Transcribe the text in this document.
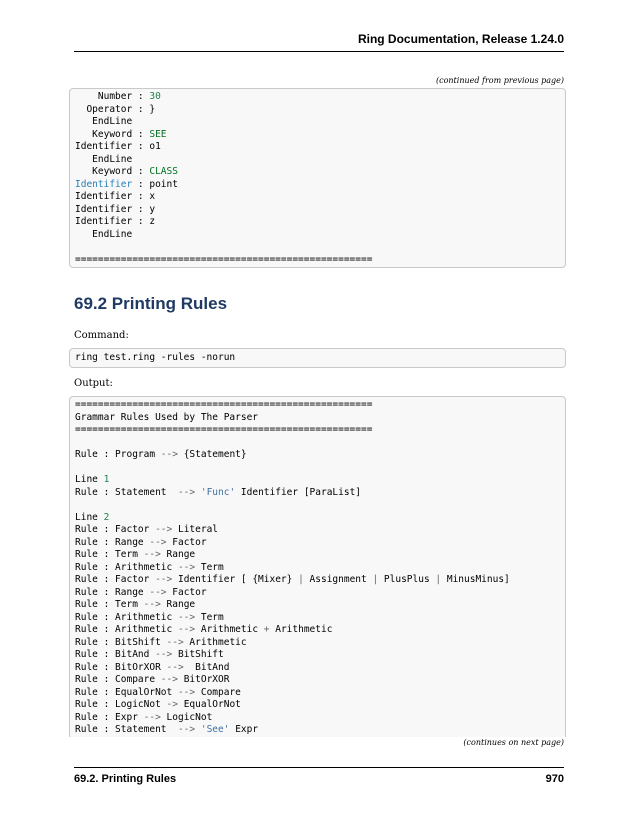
Ring Documentation, Release 1.24.0
(continued from previous page)
Number : 30
Operator : }
EndLine
Keyword : SEE
Identifier : o1
EndLine
Keyword : CLASS
Identifier : point
Identifier : x
Identifier : y
Identifier : z
EndLine

====================================================

69.2 Printing Rules
Command:
ring test.ring -rules -norun
Output:
====================================================
Grammar Rules Used by The Parser
====================================================

Rule : Program --> {Statement}

Line 1
Rule : Statement  --> 'Func' Identifier [ParaList]

Line 2
Rule : Factor --> Literal
Rule : Range --> Factor
Rule : Term --> Range
Rule : Arithmetic --> Term
Rule : Factor --> Identifier [ {Mixer} | Assignment | PlusPlus | MinusMinus]
Rule : Range --> Factor
Rule : Term --> Range
Rule : Arithmetic --> Term
Rule : Arithmetic --> Arithmetic + Arithmetic
Rule : BitShift --> Arithmetic
Rule : BitAnd --> BitShift
Rule : BitOrXOR -->  BitAnd
Rule : Compare --> BitOrXOR
Rule : EqualOrNot --> Compare
Rule : LogicNot -> EqualOrNot
Rule : Expr --> LogicNot
Rule : Statement  --> 'See' Expr

(continues on next page)
69.2. Printing Rules	970
